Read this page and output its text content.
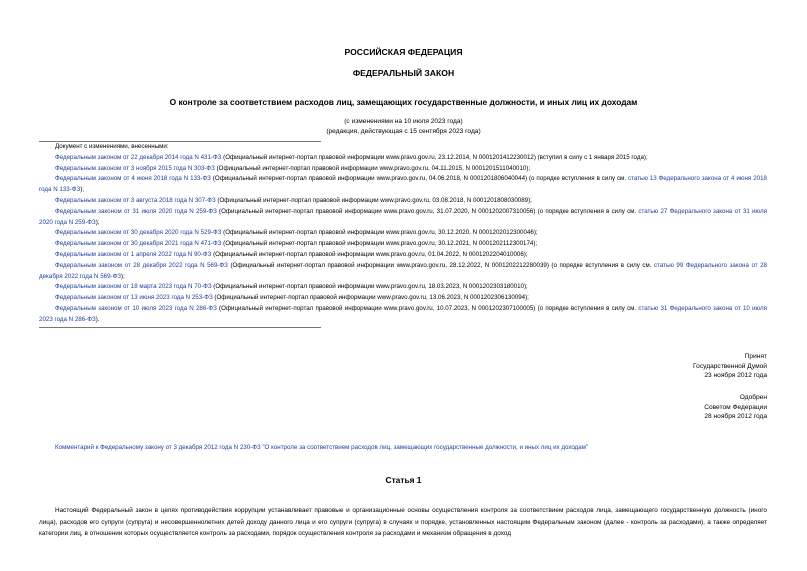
РОССИЙСКАЯ ФЕДЕРАЦИЯ
ФЕДЕРАЛЬНЫЙ ЗАКОН
О контроле за соответствием расходов лиц, замещающих государственные должности, и иных лиц их доходам
(с изменениями на 10 июля 2023 года)
(редакция, действующая с 15 сентября 2023 года)
Документ с изменениями, внесенными:
Федеральным законом от 22 декабря 2014 года N 431-ФЗ (Официальный интернет-портал правовой информации www.pravo.gov.ru, 23.12.2014, N 0001201412230012) (вступил в силу с 1 января 2015 года);
Федеральным законом от 3 ноября 2015 года N 303-ФЗ (Официальный интернет-портал правовой информации www.pravo.gov.ru, 04.11.2015, N 0001201511040010);
Федеральным законом от 4 июня 2018 года N 133-ФЗ (Официальный интернет-портал правовой информации www.pravo.gov.ru, 04.06.2018, N 0001201806040044) (о порядке вступления в силу см. статью 13 Федерального закона от 4 июня 2018 года N 133-ФЗ);
Федеральным законом от 3 августа 2018 года N 307-ФЗ (Официальный интернет-портал правовой информации www.pravo.gov.ru, 03.08.2018, N 0001201808030089);
Федеральным законом от 31 июля 2020 года N 259-ФЗ (Официальный интернет-портал правовой информации www.pravo.gov.ru, 31.07.2020, N 0001202007310056) (о порядке вступления в силу см. статью 27 Федерального закона от 31 июля 2020 года N 259-ФЗ);
Федеральным законом от 30 декабря 2020 года N 529-ФЗ (Официальный интернет-портал правовой информации www.pravo.gov.ru, 30.12.2020, N 0001202012300046);
Федеральным законом от 30 декабря 2021 года N 471-ФЗ (Официальный интернет-портал правовой информации www.pravo.gov.ru, 30.12.2021, N 0001202112300174);
Федеральным законом от 1 апреля 2022 года N 90-ФЗ (Официальный интернет-портал правовой информации www.pravo.gov.ru, 01.04.2022, N 0001202204010006);
Федеральным законом от 28 декабря 2022 года N 569-ФЗ (Официальный интернет-портал правовой информации www.pravo.gov.ru, 28.12.2022, N 0001202212280039) (о порядке вступления в силу см. статью 99 Федерального закона от 28 декабря 2022 года N 569-ФЗ);
Федеральным законом от 18 марта 2023 года N 70-ФЗ (Официальный интернет-портал правовой информации www.pravo.gov.ru, 18.03.2023, N 0001202303180010);
Федеральным законом от 13 июня 2023 года N 253-ФЗ (Официальный интернет-портал правовой информации www.pravo.gov.ru, 13.06.2023, N 0001202306130094);
Федеральным законом от 10 июля 2023 года N 286-ФЗ (Официальный интернет-портал правовой информации www.pravo.gov.ru, 10.07.2023, N 0001202307100005) (о порядке вступления в силу см. статью 31 Федерального закона от 10 июля 2023 года N 286-ФЗ).
Принят
Государственной Думой
23 ноября 2012 года
Одобрен
Советом Федерации
28 ноября 2012 года
Комментарий к Федеральному закону от 3 декабря 2012 года N 230-ФЗ "О контроле за соответствием расходов лиц, замещающих государственные должности, и иных лиц их доходам"
Статья 1
Настоящий Федеральный закон в целях противодействия коррупции устанавливает правовые и организационные основы осуществления контроля за соответствием расходов лица, замещающего государственную должность (иного лица), расходов его супруги (супруга) и несовершеннолетних детей доходу данного лица и его супруги (супруга) в случаях и порядке, установленных настоящим Федеральным законом (далее - контроль за расходами), а также определяет категории лиц, в отношении которых осуществляется контроль за расходами, порядок осуществления контроля за расходами и механизм обращения в доход
